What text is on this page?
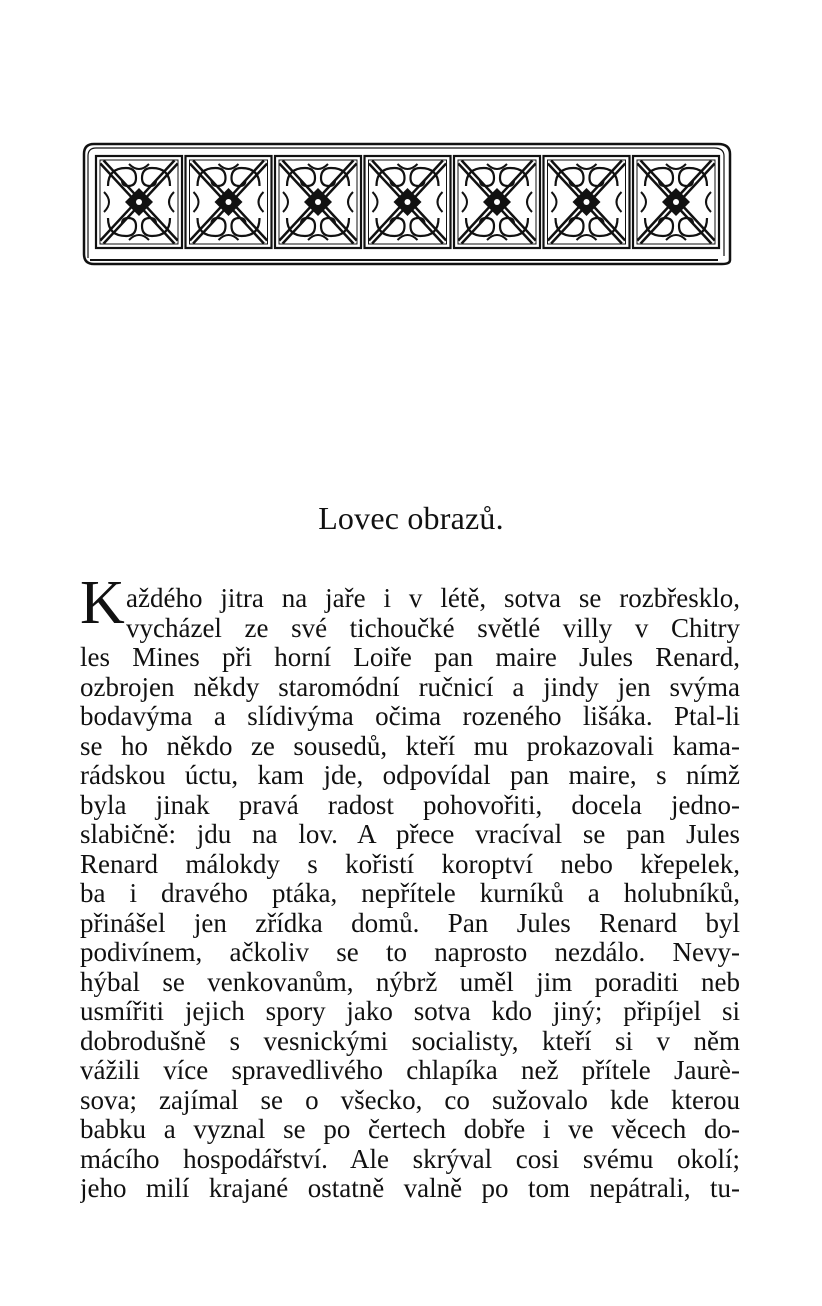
Lovec obrazů.
K aždého jitra na jaře i v létě, sotva se rozbřesklo,
vycházel ze své tichoučké světlé villy v Chitry
les Mines při horní Loiře pan maire Jules Renard,
ozbrojen někdy staromódní ručnicí a jindy jen svýma
bodavýma a slídivýma očima rozeného lišáka. Ptal-li
se ho někdo ze sousedů, kteří mu prokazovali kama-
rádskou úctu, kam jde, odpovídal pan maire, s nímž
byla jinak pravá radost pohovořiti, docela jedno-
slabičně: jdu na lov. A přece vracíval se pan Jules
Renard málokdy s kořistí koroptví nebo křepelek,
ba i dravého ptáka, nepřítele kurníků a holubníků,
přinášel jen zřídka domů. Pan Jules Renard byl
podivínem, ačkoliv se to naprosto nezdálo. Nevy-
hýbal se venkovanům, nýbrž uměl jim poraditi neb
usmířiti jejich spory jako sotva kdo jiný; připíjel si
dobrodušně s vesnickými socialisty, kteří si v něm
vážili více spravedlivého chlapíka než přítele Jaurè-
sova; zajímal se o všecko, co sužovalo kde kterou
babku a vyznal se po čertech dobře i ve věcech do-
mácího hospodářství. Ale skrýval cosi svému okolí;
jeho milí krajané ostatně valně po tom nepátrali, tu-
